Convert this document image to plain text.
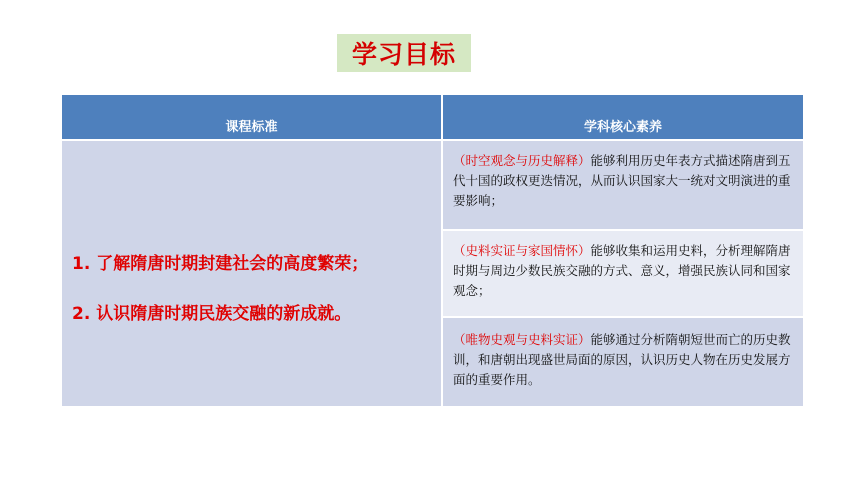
学习目标
课程标准	学科核心素养
1. 了解隋唐时期封建社会的高度繁荣；
2. 认识隋唐时期民族交融的新成就。
（时空观念与历史解释）能够利用历史年表方式描述隋唐到五代十国的政权更迭情况，从而认识国家大一统对文明演进的重要影响；
（史料实证与家国情怀）能够收集和运用史料，分析理解隋唐时期与周边少数民族交融的方式、意义，增强民族认同和国家观念；
（唯物史观与史料实证）能够通过分析隋朝短世而亡的历史教训，和唐朝出现盛世局面的原因，认识历史人物在历史发展方面的重要作用。
